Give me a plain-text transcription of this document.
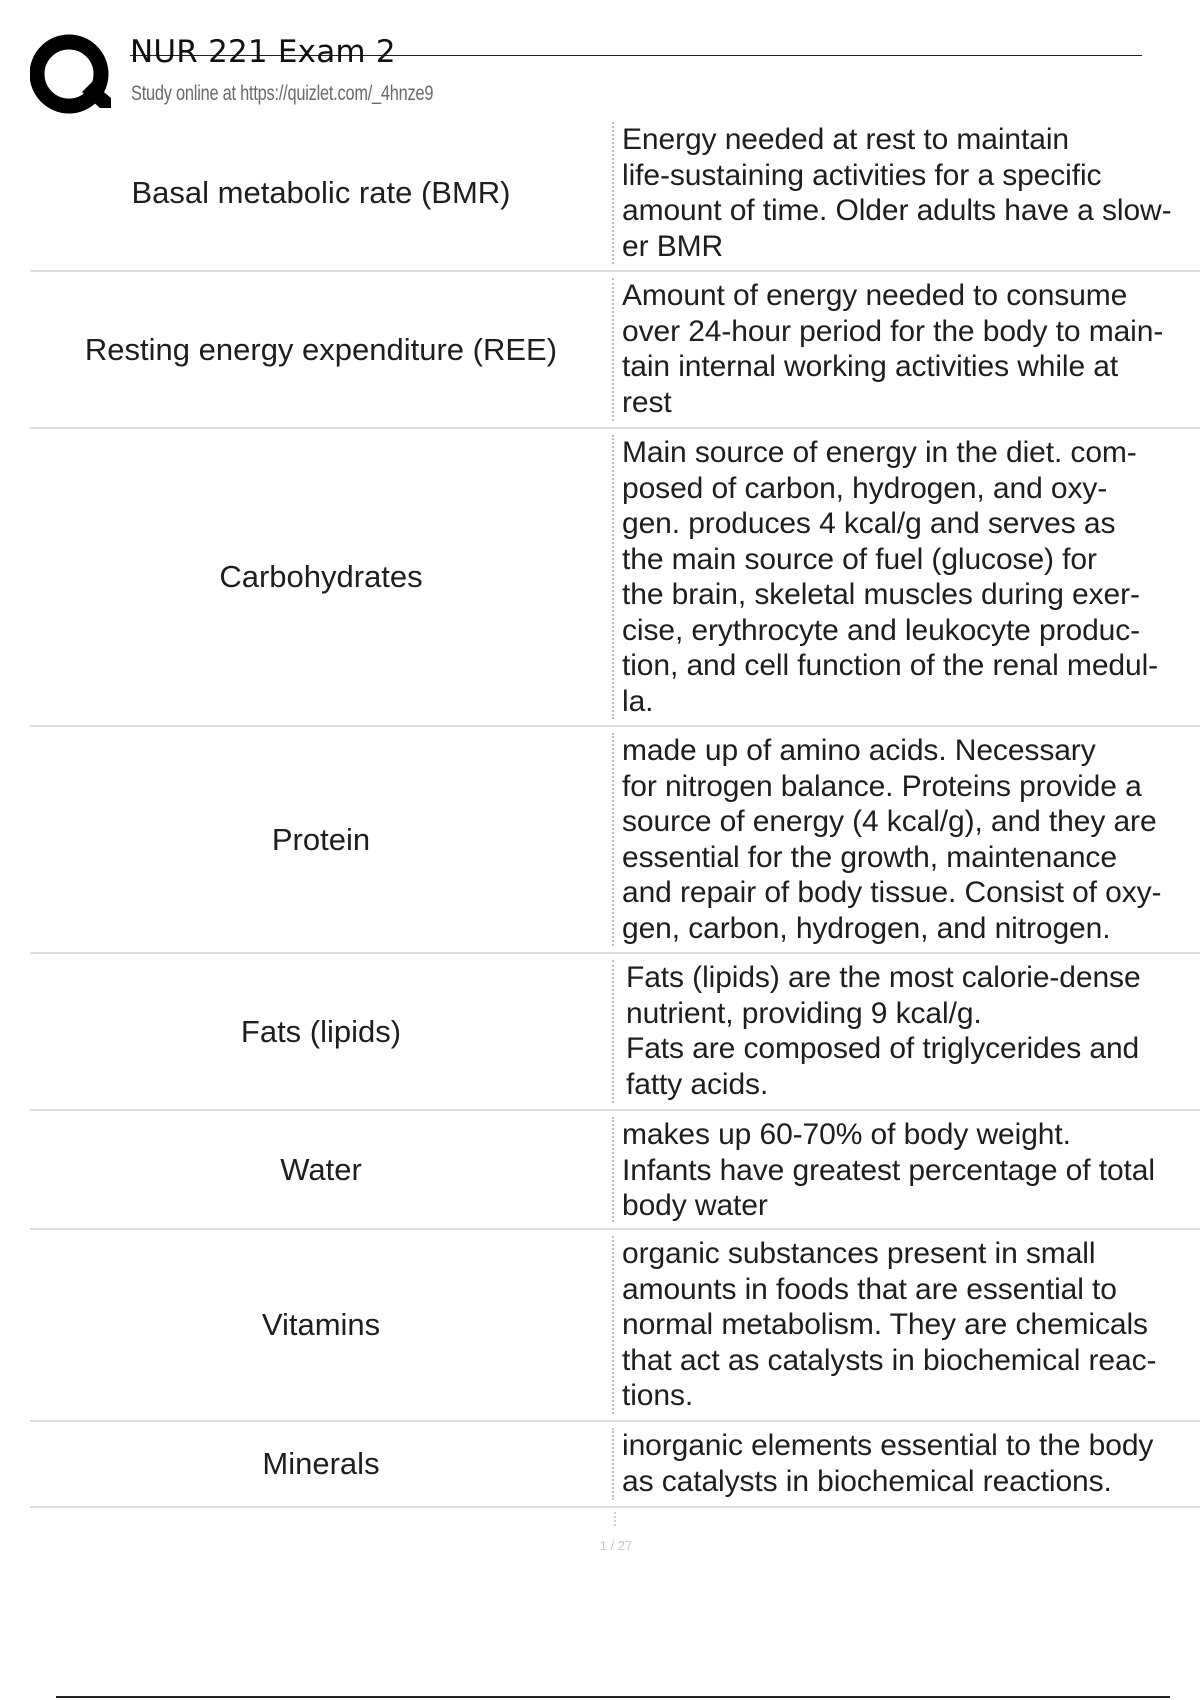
NUR 221 Exam 2
Study online at https://quizlet.com/_4hnze9
Basal metabolic rate (BMR)
Energy needed at rest to maintain
life-sustaining activities for a specific
amount of time. Older adults have a slow-
er BMR
Resting energy expenditure (REE)
Amount of energy needed to consume
over 24-hour period for the body to main-
tain internal working activities while at
rest
Carbohydrates
Main source of energy in the diet. com-
posed of carbon, hydrogen, and oxy-
gen. produces 4 kcal/g and serves as
the main source of fuel (glucose) for
the brain, skeletal muscles during exer-
cise, erythrocyte and leukocyte produc-
tion, and cell function of the renal medul-
la.
Protein
made up of amino acids. Necessary
for nitrogen balance. Proteins provide a
source of energy (4 kcal/g), and they are
essential for the growth, maintenance
and repair of body tissue. Consist of oxy-
gen, carbon, hydrogen, and nitrogen.
Fats (lipids)
Fats (lipids) are the most calorie-dense
nutrient, providing 9 kcal/g.
Fats are composed of triglycerides and
fatty acids.
Water
makes up 60-70% of body weight.
Infants have greatest percentage of total
body water
Vitamins
organic substances present in small
amounts in foods that are essential to
normal metabolism. They are chemicals
that act as catalysts in biochemical reac-
tions.
Minerals
inorganic elements essential to the body
as catalysts in biochemical reactions.
1 / 27
